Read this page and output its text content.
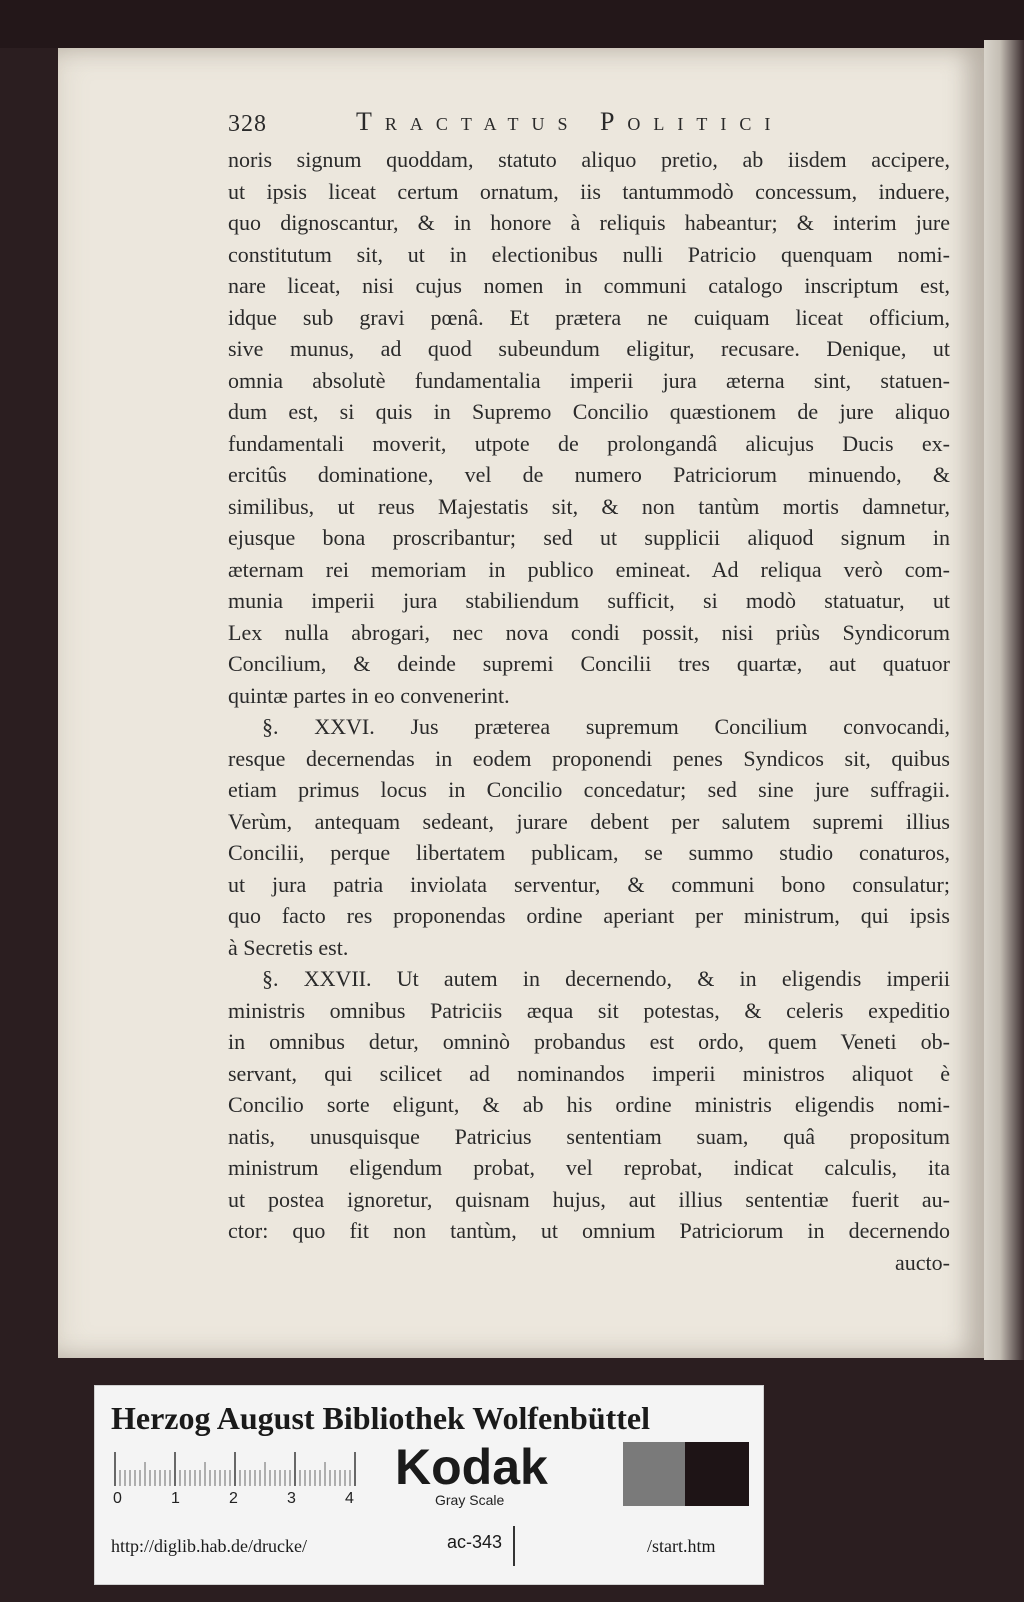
328	Tractatus Politici
noris signum quoddam, statuto aliquo pretio, ab iisdem accipere,
ut ipsis liceat certum ornatum, iis tantummodò concessum, induere,
quo dignoscantur, & in honore à reliquis habeantur; & interim jure
constitutum sit, ut in electionibus nulli Patricio quenquam nomi-
nare liceat, nisi cujus nomen in communi catalogo inscriptum est,
idque sub gravi pœnâ. Et prætera ne cuiquam liceat officium,
sive munus, ad quod subeundum eligitur, recusare. Denique, ut
omnia absolutè fundamentalia imperii jura æterna sint, statuen-
dum est, si quis in Supremo Concilio quæstionem de jure aliquo
fundamentali moverit, utpote de prolongandâ alicujus Ducis ex-
ercitûs dominatione, vel de numero Patriciorum minuendo, &
similibus, ut reus Majestatis sit, & non tantùm mortis damnetur,
ejusque bona proscribantur; sed ut supplicii aliquod signum in
æternam rei memoriam in publico emineat. Ad reliqua verò com-
munia imperii jura stabiliendum sufficit, si modò statuatur, ut
Lex nulla abrogari, nec nova condi possit, nisi priùs Syndicorum
Concilium, & deinde supremi Concilii tres quartæ, aut quatuor
quintæ partes in eo convenerint.
§. XXVI. Jus præterea supremum Concilium convocandi,
resque decernendas in eodem proponendi penes Syndicos sit, quibus
etiam primus locus in Concilio concedatur; sed sine jure suffragii.
Verùm, antequam sedeant, jurare debent per salutem supremi illius
Concilii, perque libertatem publicam, se summo studio conaturos,
ut jura patria inviolata serventur, & communi bono consulatur;
quo facto res proponendas ordine aperiant per ministrum, qui ipsis
à Secretis est.
§. XXVII. Ut autem in decernendo, & in eligendis imperii
ministris omnibus Patriciis æqua sit potestas, & celeris expeditio
in omnibus detur, omninò probandus est ordo, quem Veneti ob-
servant, qui scilicet ad nominandos imperii ministros aliquot è
Concilio sorte eligunt, & ab his ordine ministris eligendis nomi-
natis, unusquisque Patricius sententiam suam, quâ propositum
ministrum eligendum probat, vel reprobat, indicat calculis, ita
ut postea ignoretur, quisnam hujus, aut illius sententiæ fuerit au-
ctor: quo fit non tantùm, ut omnium Patriciorum in decernendo
aucto-
Herzog August Bibliothek Wolfenbüttel
0	1	2	3	4
Kodak
Gray Scale
http://diglib.hab.de/drucke/	ac-343	/start.htm
